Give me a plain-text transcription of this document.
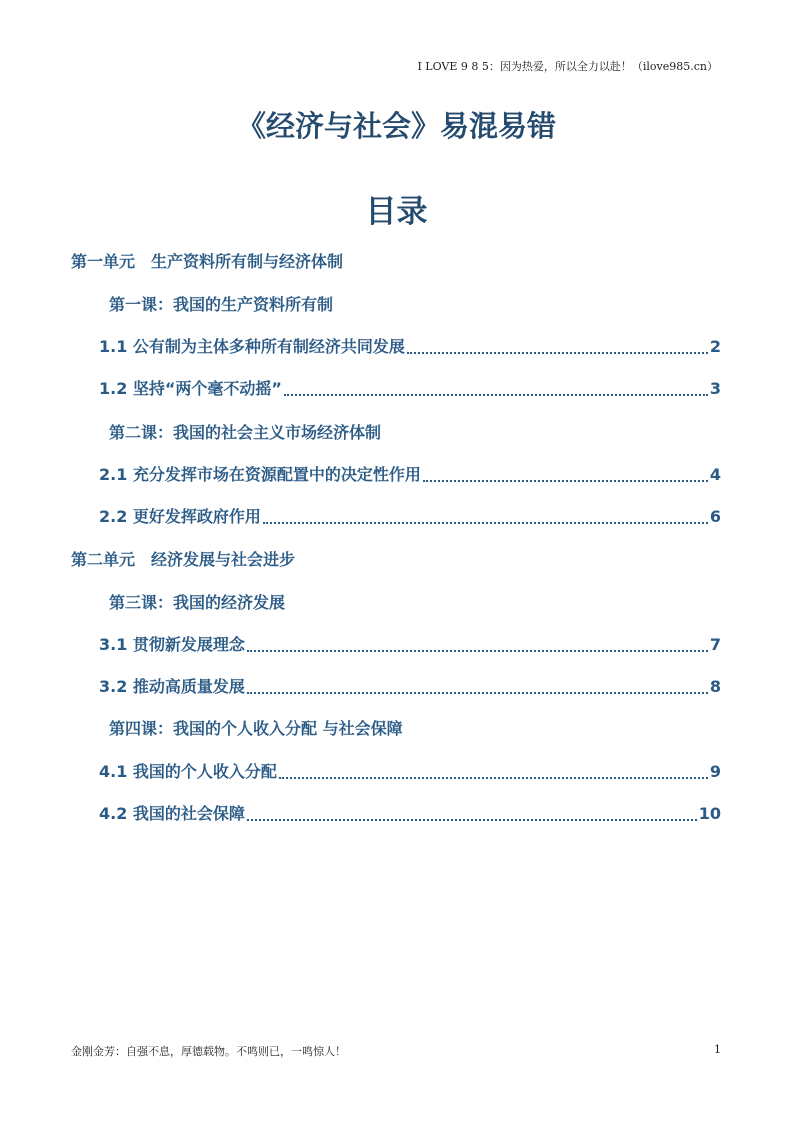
I LOVE 9 8 5：因为热爱，所以全力以赴！（ilove985.cn）
《经济与社会》易混易错
目录
第一单元　生产资料所有制与经济体制
第一课：我国的生产资料所有制
1.1 公有制为主体多种所有制经济共同发展	2
1.2 坚持“两个毫不动摇”	3
第二课：我国的社会主义市场经济体制
2.1 充分发挥市场在资源配置中的决定性作用	4
2.2 更好发挥政府作用	6
第二单元　经济发展与社会进步
第三课：我国的经济发展
3.1 贯彻新发展理念	7
3.2 推动高质量发展	8
第四课：我国的个人收入分配 与社会保障
4.1 我国的个人收入分配	9
4.2 我国的社会保障	10
金刚金芳：自强不息，厚德载物。不鸣则已，一鸣惊人！	1
